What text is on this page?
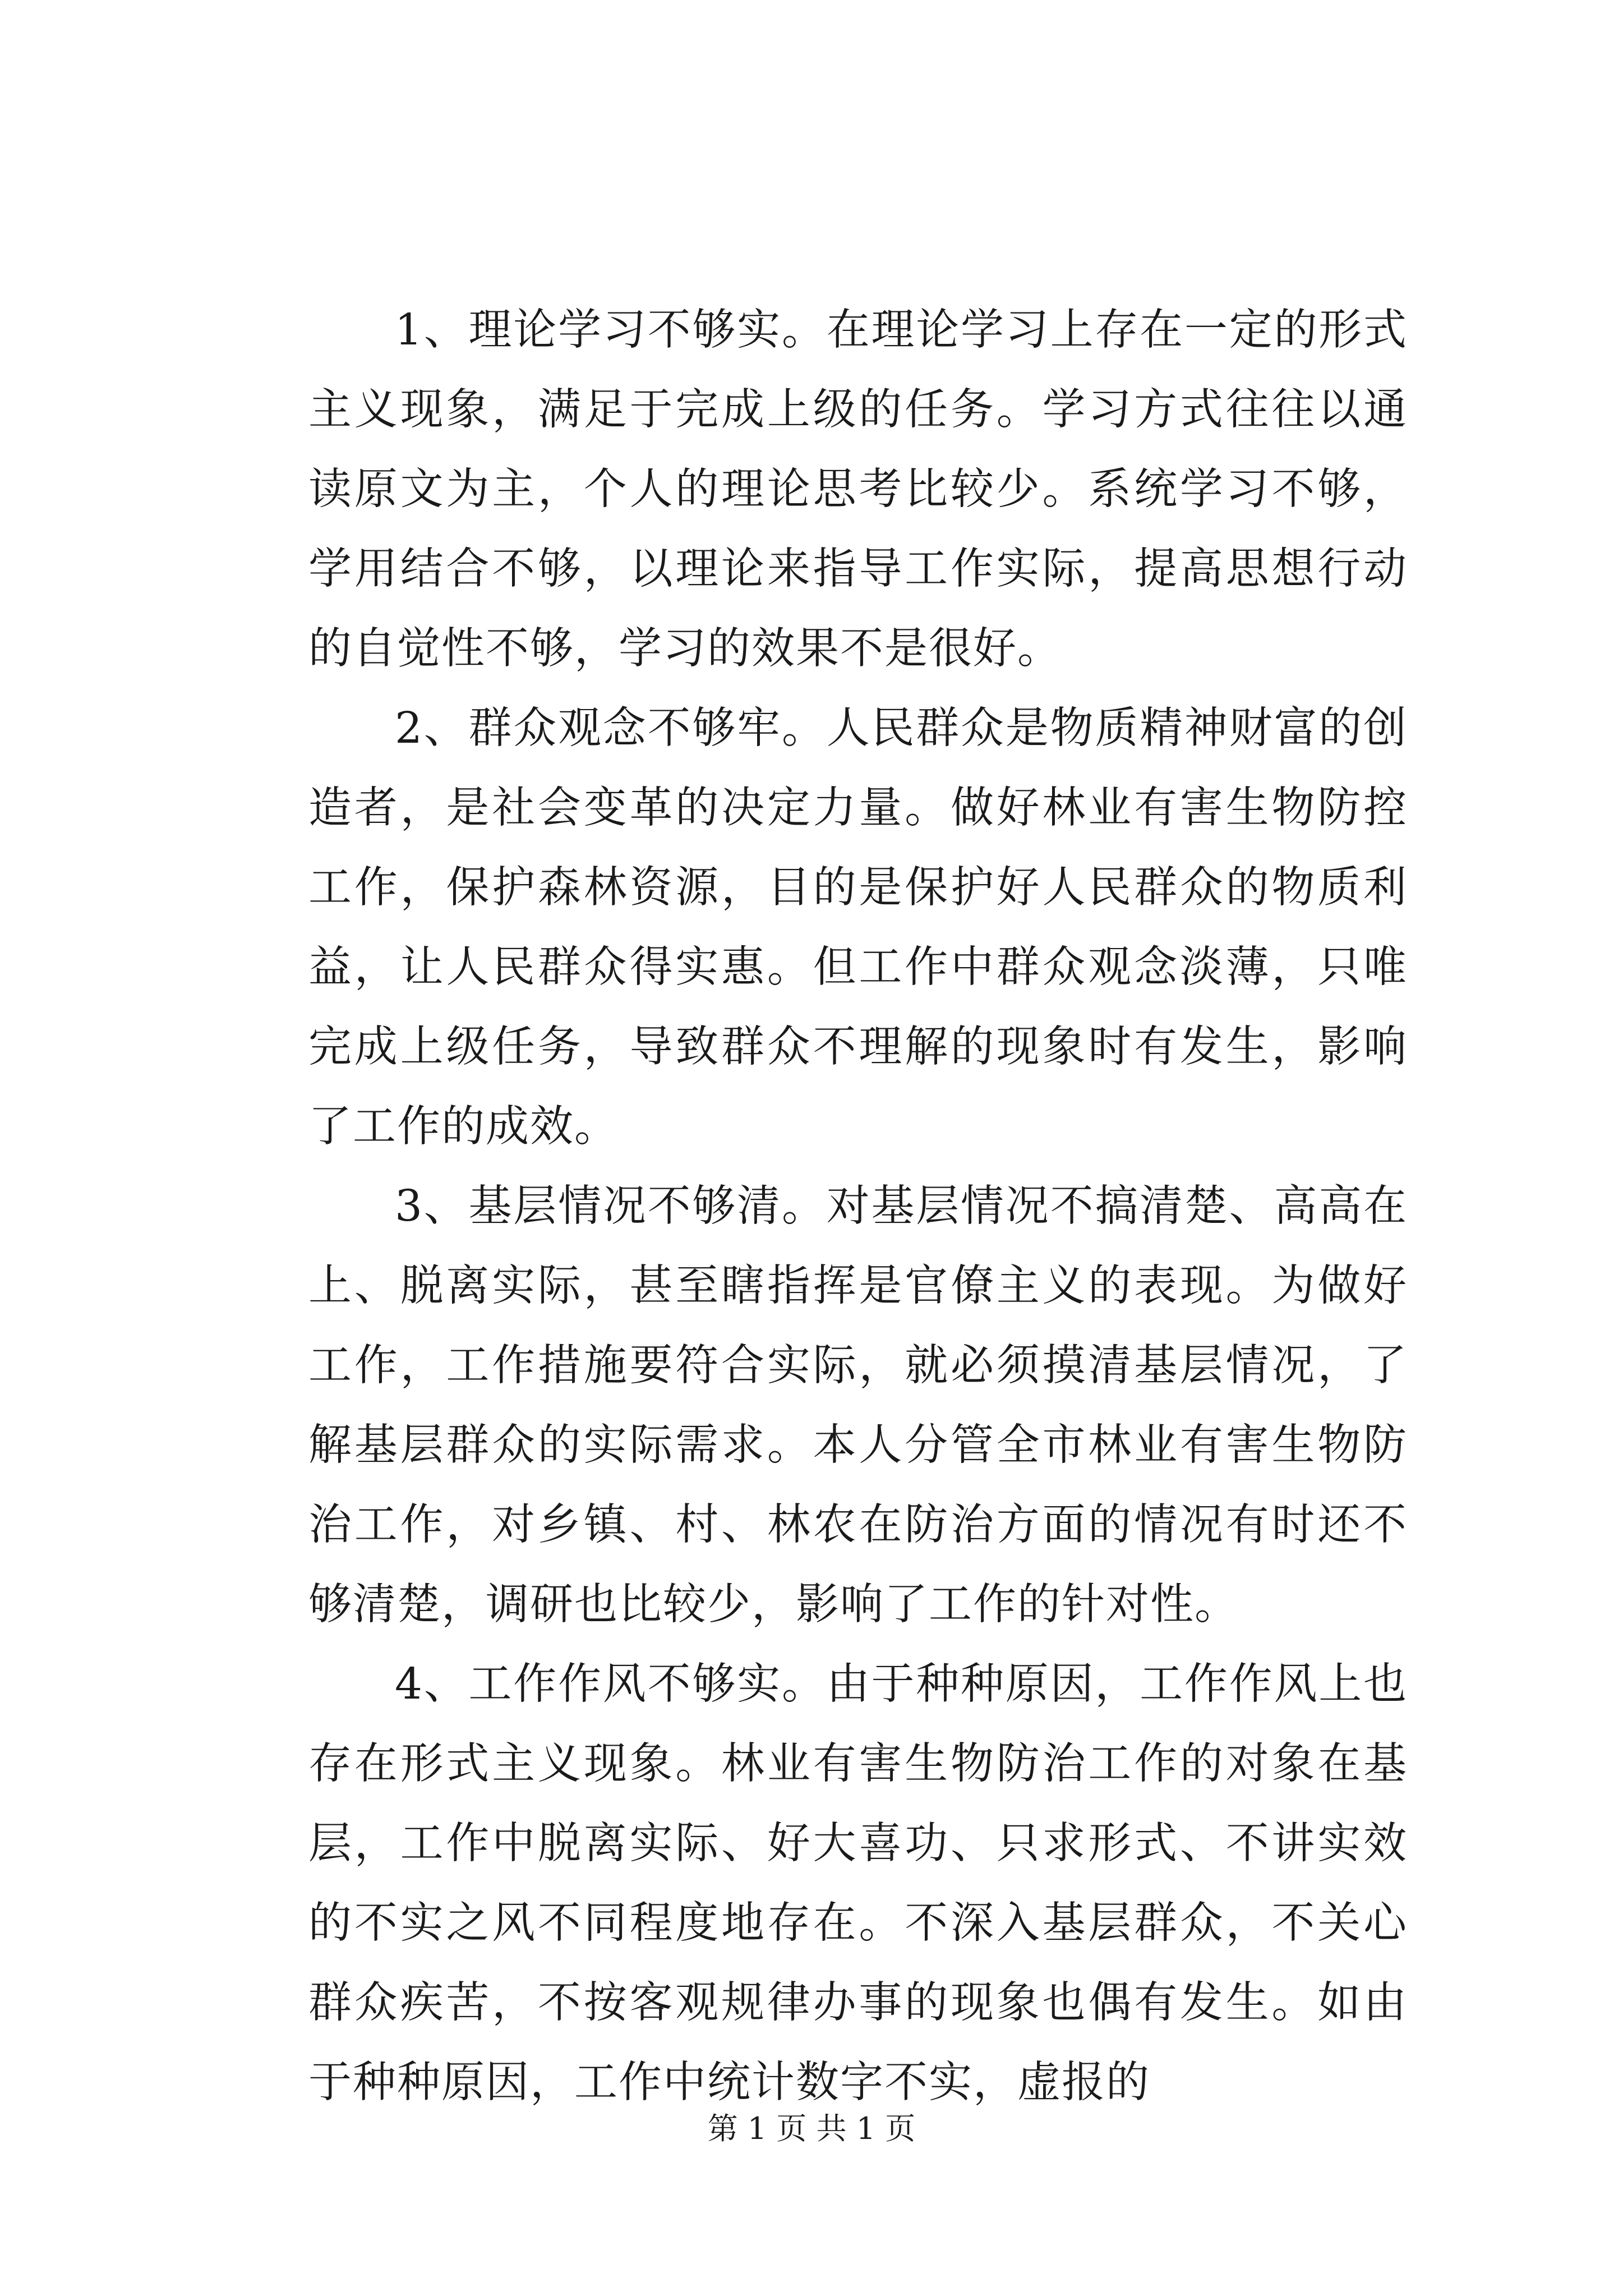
1、理论学习不够实。在理论学习上存在一定的形式主义现象，满足于完成上级的任务。学习方式往往以通读原文为主，个人的理论思考比较少。系统学习不够，学用结合不够，以理论来指导工作实际，提高思想行动的自觉性不够，学习的效果不是很好。

2、群众观念不够牢。人民群众是物质精神财富的创造者，是社会变革的决定力量。做好林业有害生物防控工作，保护森林资源，目的是保护好人民群众的物质利益，让人民群众得实惠。但工作中群众观念淡薄，只唯完成上级任务，导致群众不理解的现象时有发生，影响了工作的成效。

3、基层情况不够清。对基层情况不搞清楚、高高在上、脱离实际，甚至瞎指挥是官僚主义的表现。为做好工作，工作措施要符合实际，就必须摸清基层情况，了解基层群众的实际需求。本人分管全市林业有害生物防治工作，对乡镇、村、林农在防治方面的情况有时还不够清楚，调研也比较少，影响了工作的针对性。

4、工作作风不够实。由于种种原因，工作作风上也存在形式主义现象。林业有害生物防治工作的对象在基层，工作中脱离实际、好大喜功、只求形式、不讲实效的不实之风不同程度地存在。不深入基层群众，不关心群众疾苦，不按客观规律办事的现象也偶有发生。如由于种种原因，工作中统计数字不实，虚报的

第 1 页 共 1 页
